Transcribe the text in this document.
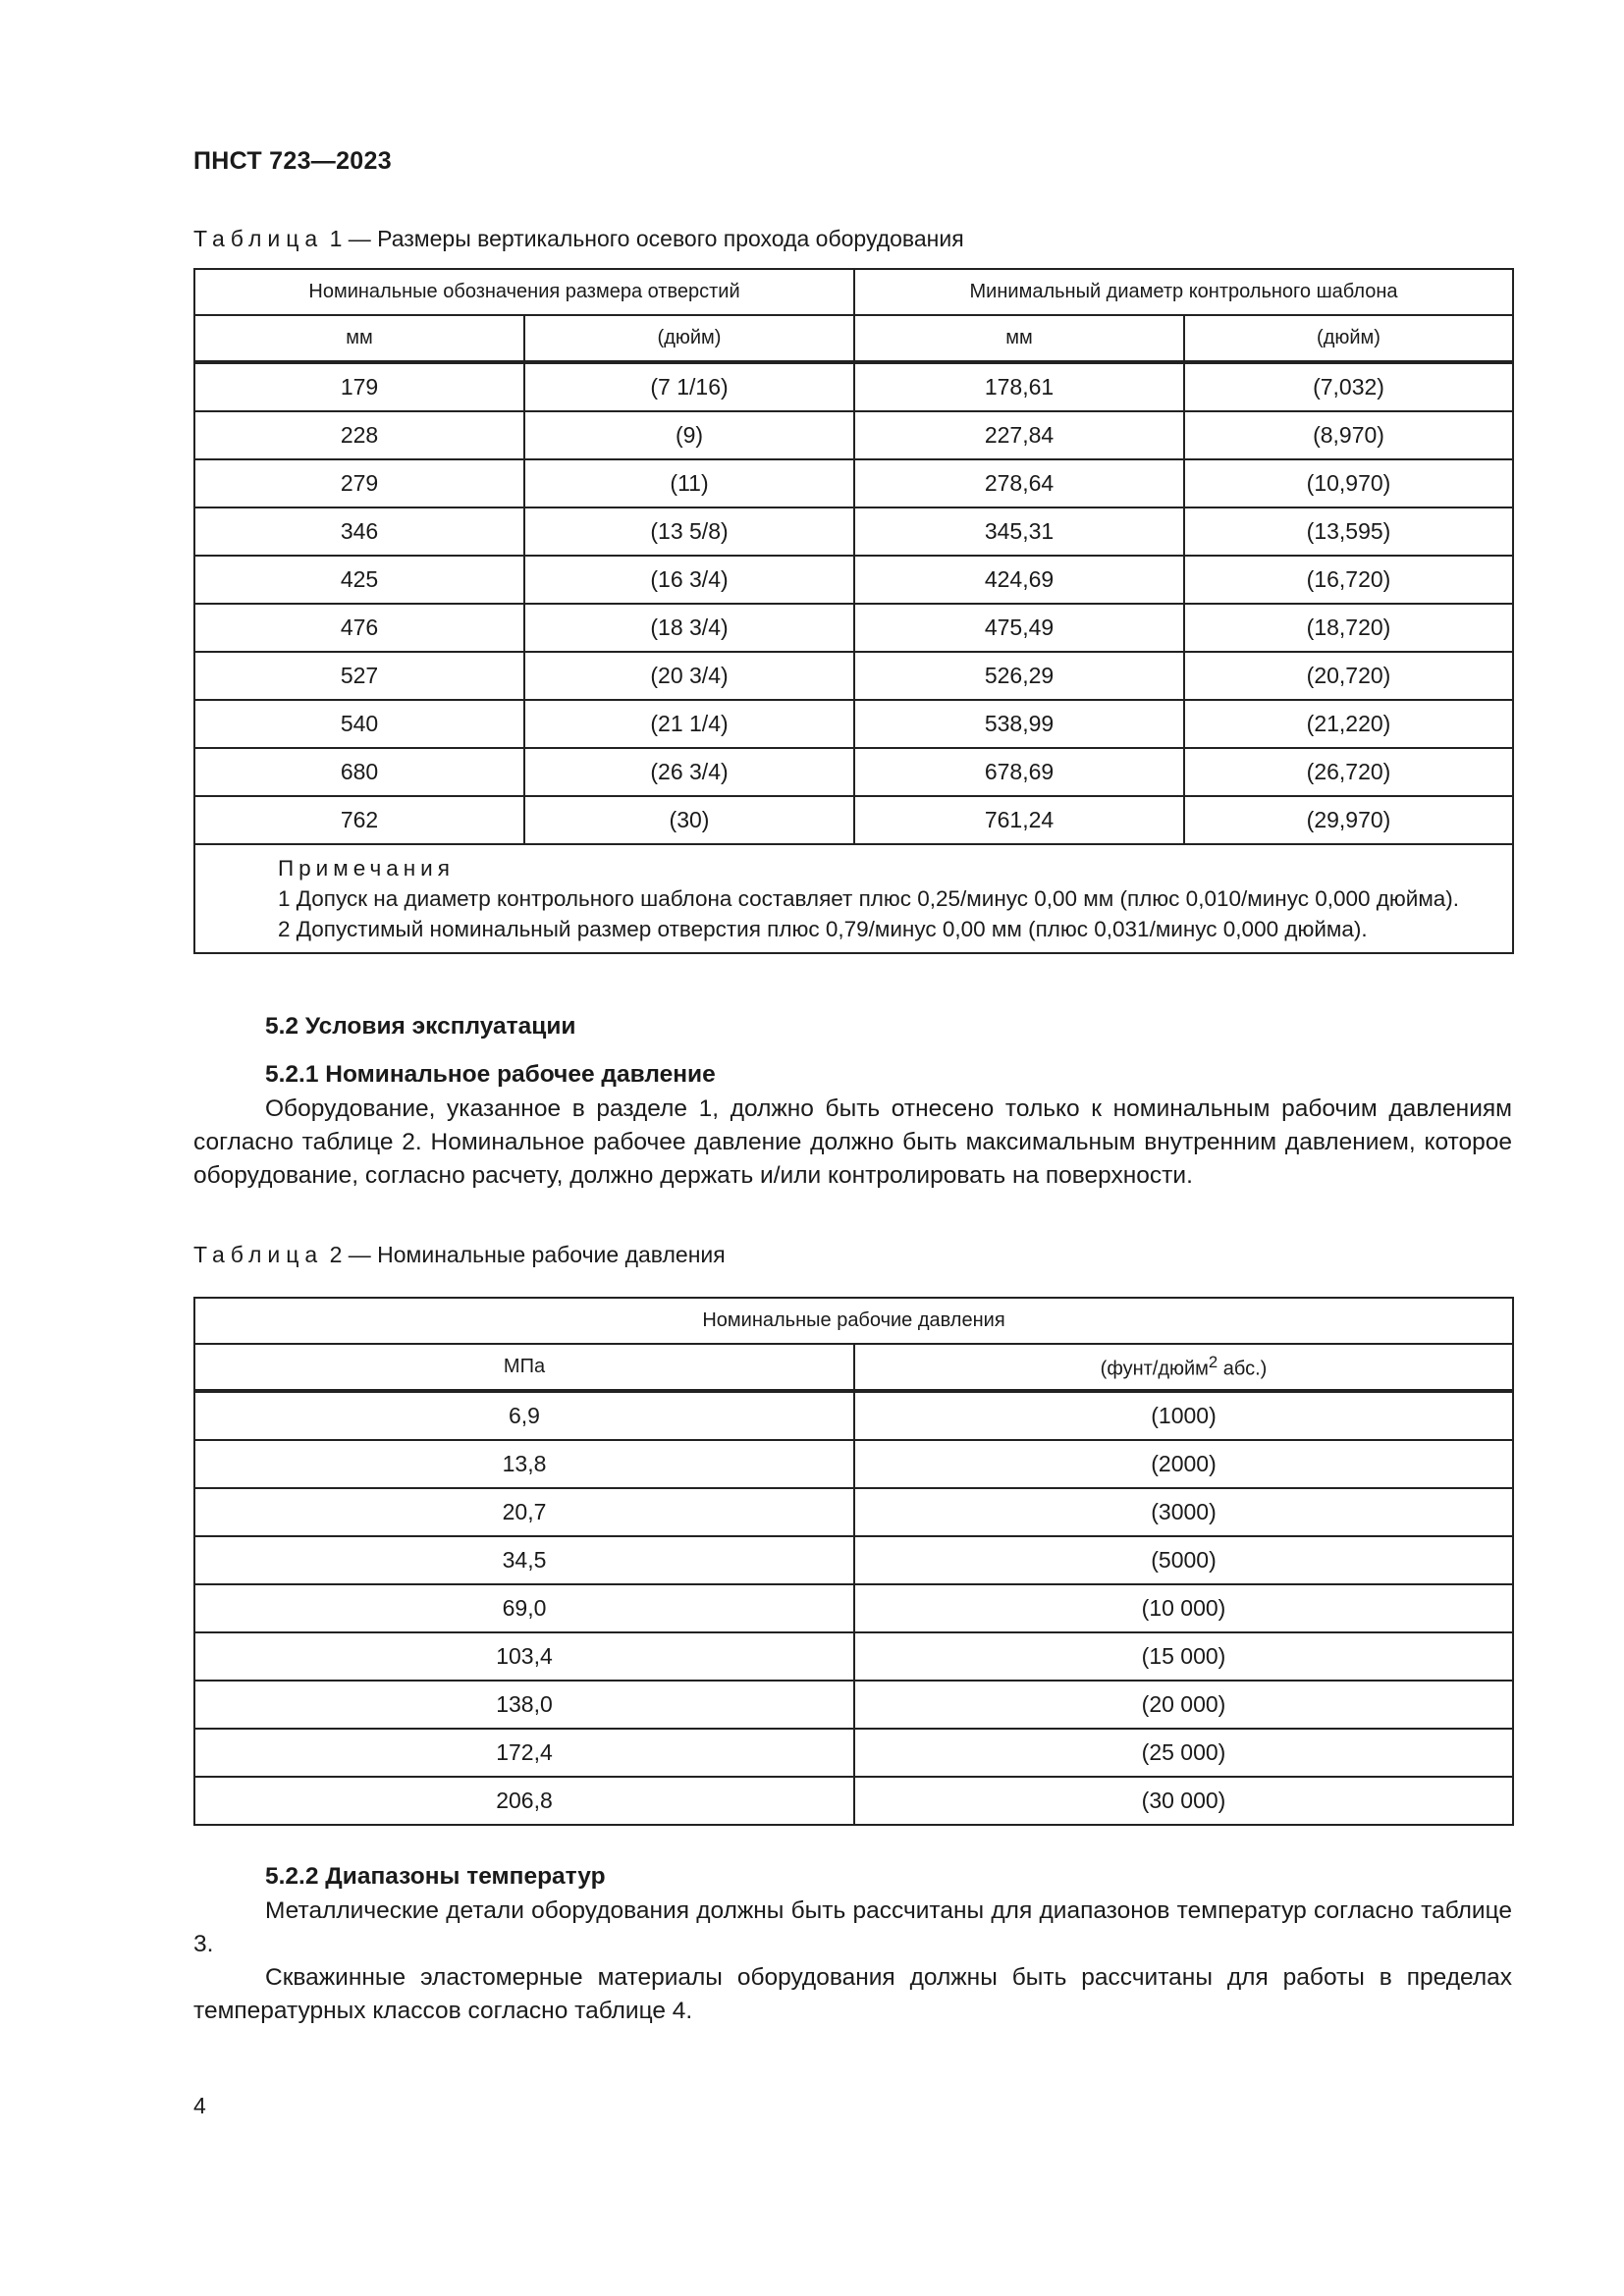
ПНСТ 723—2023
Таблица 1 — Размеры вертикального осевого прохода оборудования
Номинальные обозначения размера отверстий		Минимальный диаметр контрольного шаблона	
мм	(дюйм)	мм	(дюйм)
179	(7 1/16)	178,61	(7,032)
228	(9)	227,84	(8,970)
279	(11)	278,64	(10,970)
346	(13 5/8)	345,31	(13,595)
425	(16 3/4)	424,69	(16,720)
476	(18 3/4)	475,49	(18,720)
527	(20 3/4)	526,29	(20,720)
540	(21 1/4)	538,99	(21,220)
680	(26 3/4)	678,69	(26,720)
762	(30)	761,24	(29,970)

Примечания
1 Допуск на диаметр контрольного шаблона составляет плюс 0,25/минус 0,00 мм (плюс 0,010/минус 0,000 дюйма).
2 Допустимый номинальный размер отверстия плюс 0,79/минус 0,00 мм (плюс 0,031/минус 0,000 дюйма).			
5.2 Условия эксплуатации
5.2.1 Номинальное рабочее давление

Оборудование, указанное в разделе 1, должно быть отнесено только к номинальным рабочим давлениям согласно таблице 2. Номинальное рабочее давление должно быть максимальным внутренним давлением, которое оборудование, согласно расчету, должно держать и/или контролировать на поверхности.

Таблица 2 — Номинальные рабочие давления
Номинальные рабочие давления	
МПа	(фунт/дюйм$^2$ абс.)
6,9	(1000)
13,8	(2000)
20,7	(3000)
34,5	(5000)
69,0	(10 000)
103,4	(15 000)
138,0	(20 000)
172,4	(25 000)
206,8	(30 000)
5.2.2 Диапазоны температур

Металлические детали оборудования должны быть рассчитаны для диапазонов температур согласно таблице 3.

Скважинные эластомерные материалы оборудования должны быть рассчитаны для работы в пределах температурных классов согласно таблице 4.

4
